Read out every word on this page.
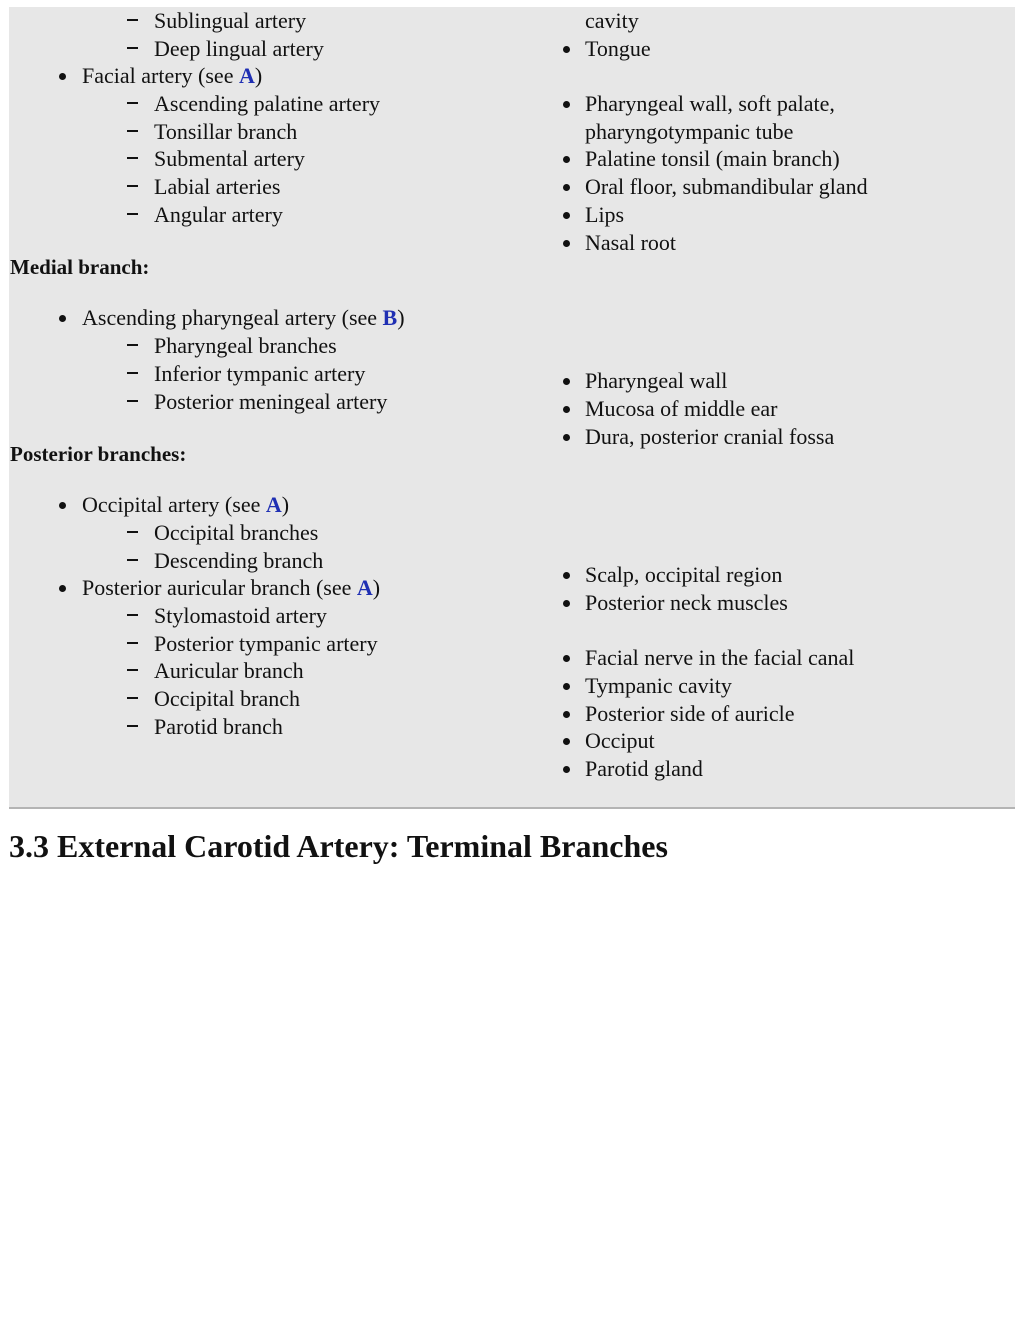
Sublingual artery
Deep lingual artery
Facial artery (see A)
Ascending palatine artery
Tonsillar branch
Submental artery
Labial arteries
Angular artery
Medial branch:
Ascending pharyngeal artery (see B)
Pharyngeal branches
Inferior tympanic artery
Posterior meningeal artery
Posterior branches:
Occipital artery (see A)
Occipital branches
Descending branch
Posterior auricular branch (see A)
Stylomastoid artery
Posterior tympanic artery
Auricular branch
Occipital branch
Parotid branch
cavity
Tongue
Pharyngeal wall, soft palate,
pharyngotympanic tube
Palatine tonsil (main branch)
Oral floor, submandibular gland
Lips
Nasal root
Pharyngeal wall
Mucosa of middle ear
Dura, posterior cranial fossa
Scalp, occipital region
Posterior neck muscles
Facial nerve in the facial canal
Tympanic cavity
Posterior side of auricle
Occiput
Parotid gland
3.3 External Carotid Artery: Terminal Branches
